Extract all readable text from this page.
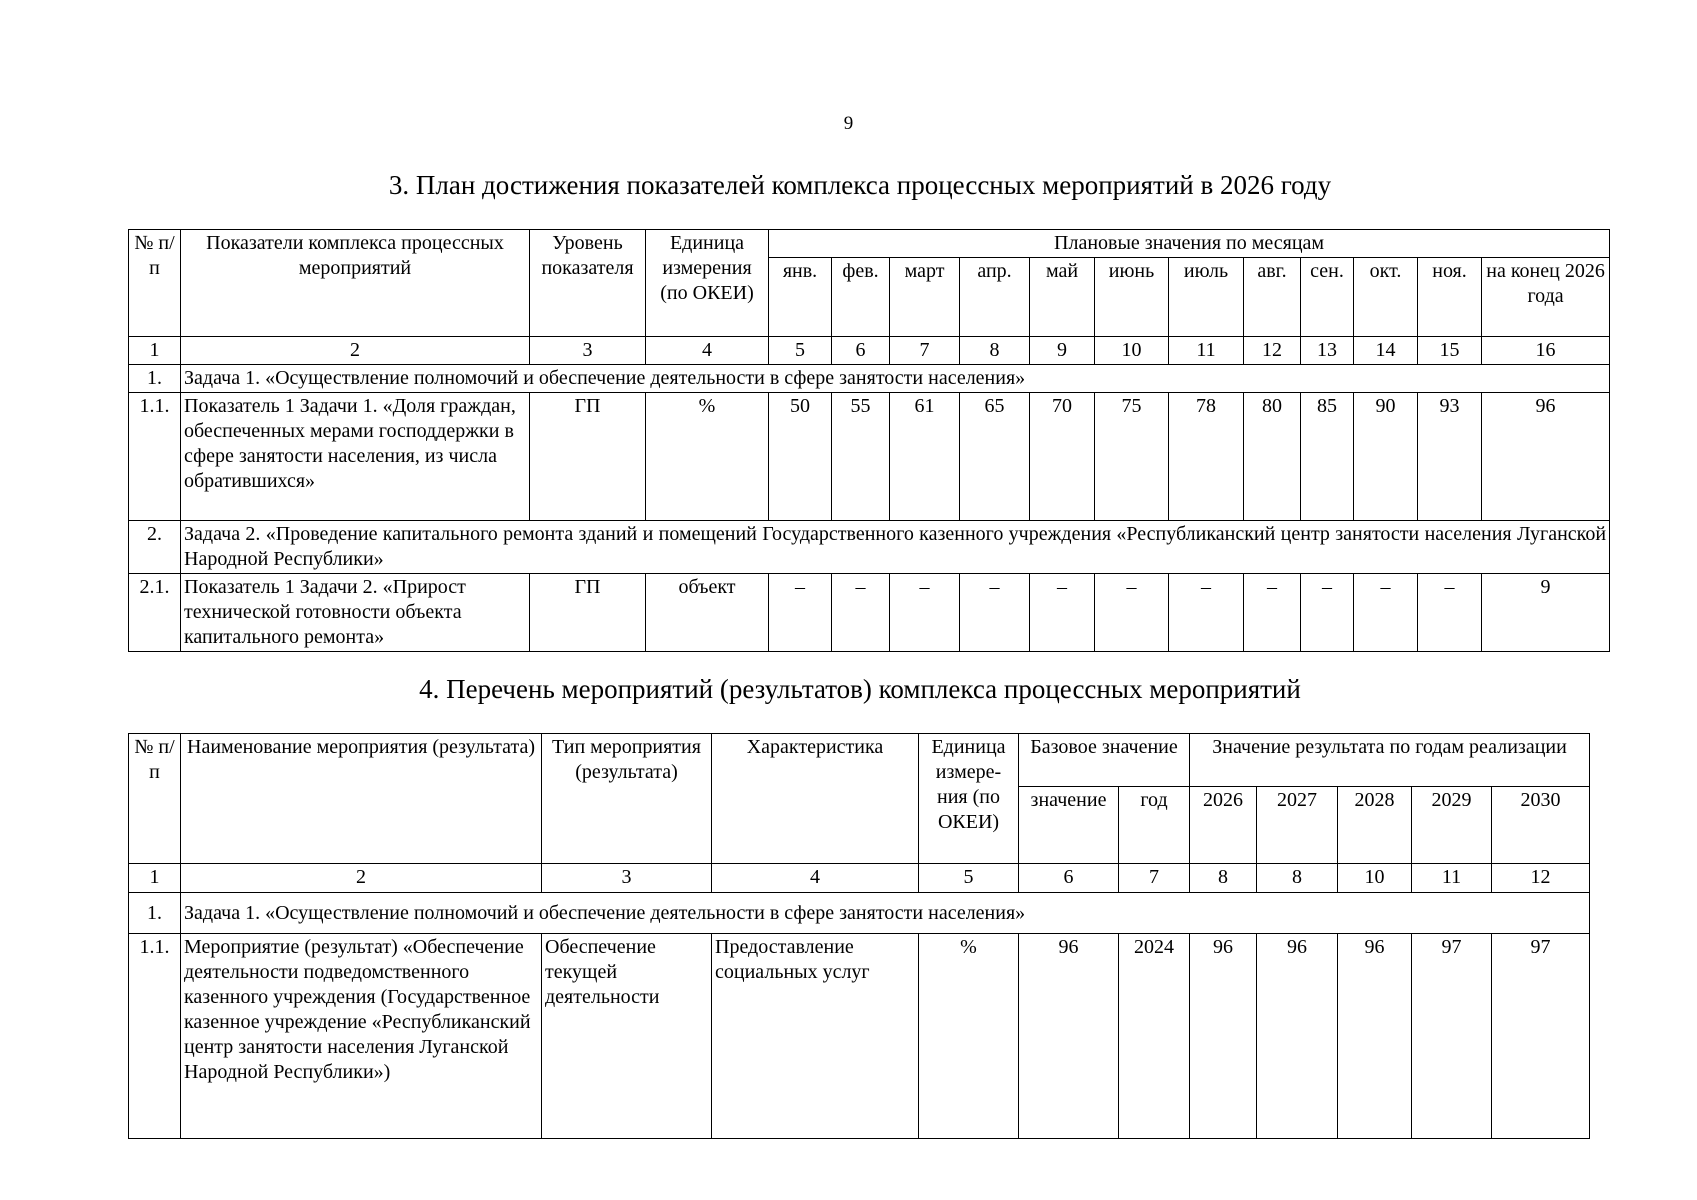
9
3. План достижения показателей комплекса процессных мероприятий в 2026 году
№ п/п	Показатели комплекса процессных мероприятий	Уровень показателя	Единица измерения (по ОКЕИ)	Плановые значения по месяцам											
				янв.	фев.	март	апр.	май	июнь	июль	авг.	сен.	окт.	ноя.	на конец 2026 года
1	2	3	4	5	6	7	8	9	10	11	12	13	14	15	16
1.	Задача 1. «Осуществление полномочий и обеспечение деятельности в сфере занятости населения»														
1.1.	Показатель 1 Задачи 1. «Доля граждан, обеспеченных мерами господдержки в сфере занятости населения, из числа обратившихся»	ГП	%	50	55	61	65	70	75	78	80	85	90	93	96
2.	Задача 2. «Проведение капитального ремонта зданий и помещений Государственного казенного учреждения «Республиканский центр занятости населения Луганской Народной Республики»														
2.1.	Показатель 1 Задачи 2. «Прирост технической готовности объекта капитального ремонта»	ГП	объект	–	–	–	–	–	–	–	–	–	–	–	9
4. Перечень мероприятий (результатов) комплекса процессных мероприятий
№ п/п	Наименование мероприятия (результата)	Тип мероприятия (результата)	Характеристика	Единица измере-ния (по ОКЕИ)	Базовое значение		Значение результата по годам реализации				
					значение	год	2026	2027	2028	2029	2030
1	2	3	4	5	6	7	8	8	10	11	12
1.	Задача 1. «Осуществление полномочий и обеспечение деятельности в сфере занятости населения»										
1.1.	Мероприятие (результат) «Обеспечение деятельности подведомственного казенного учреждения (Государственное казенное учреждение «Республиканский центр занятости населения Луганской Народной Республики»)	Обеспечение текущей деятельности	Предоставление социальных услуг	%	96	2024	96	96	96	97	97
